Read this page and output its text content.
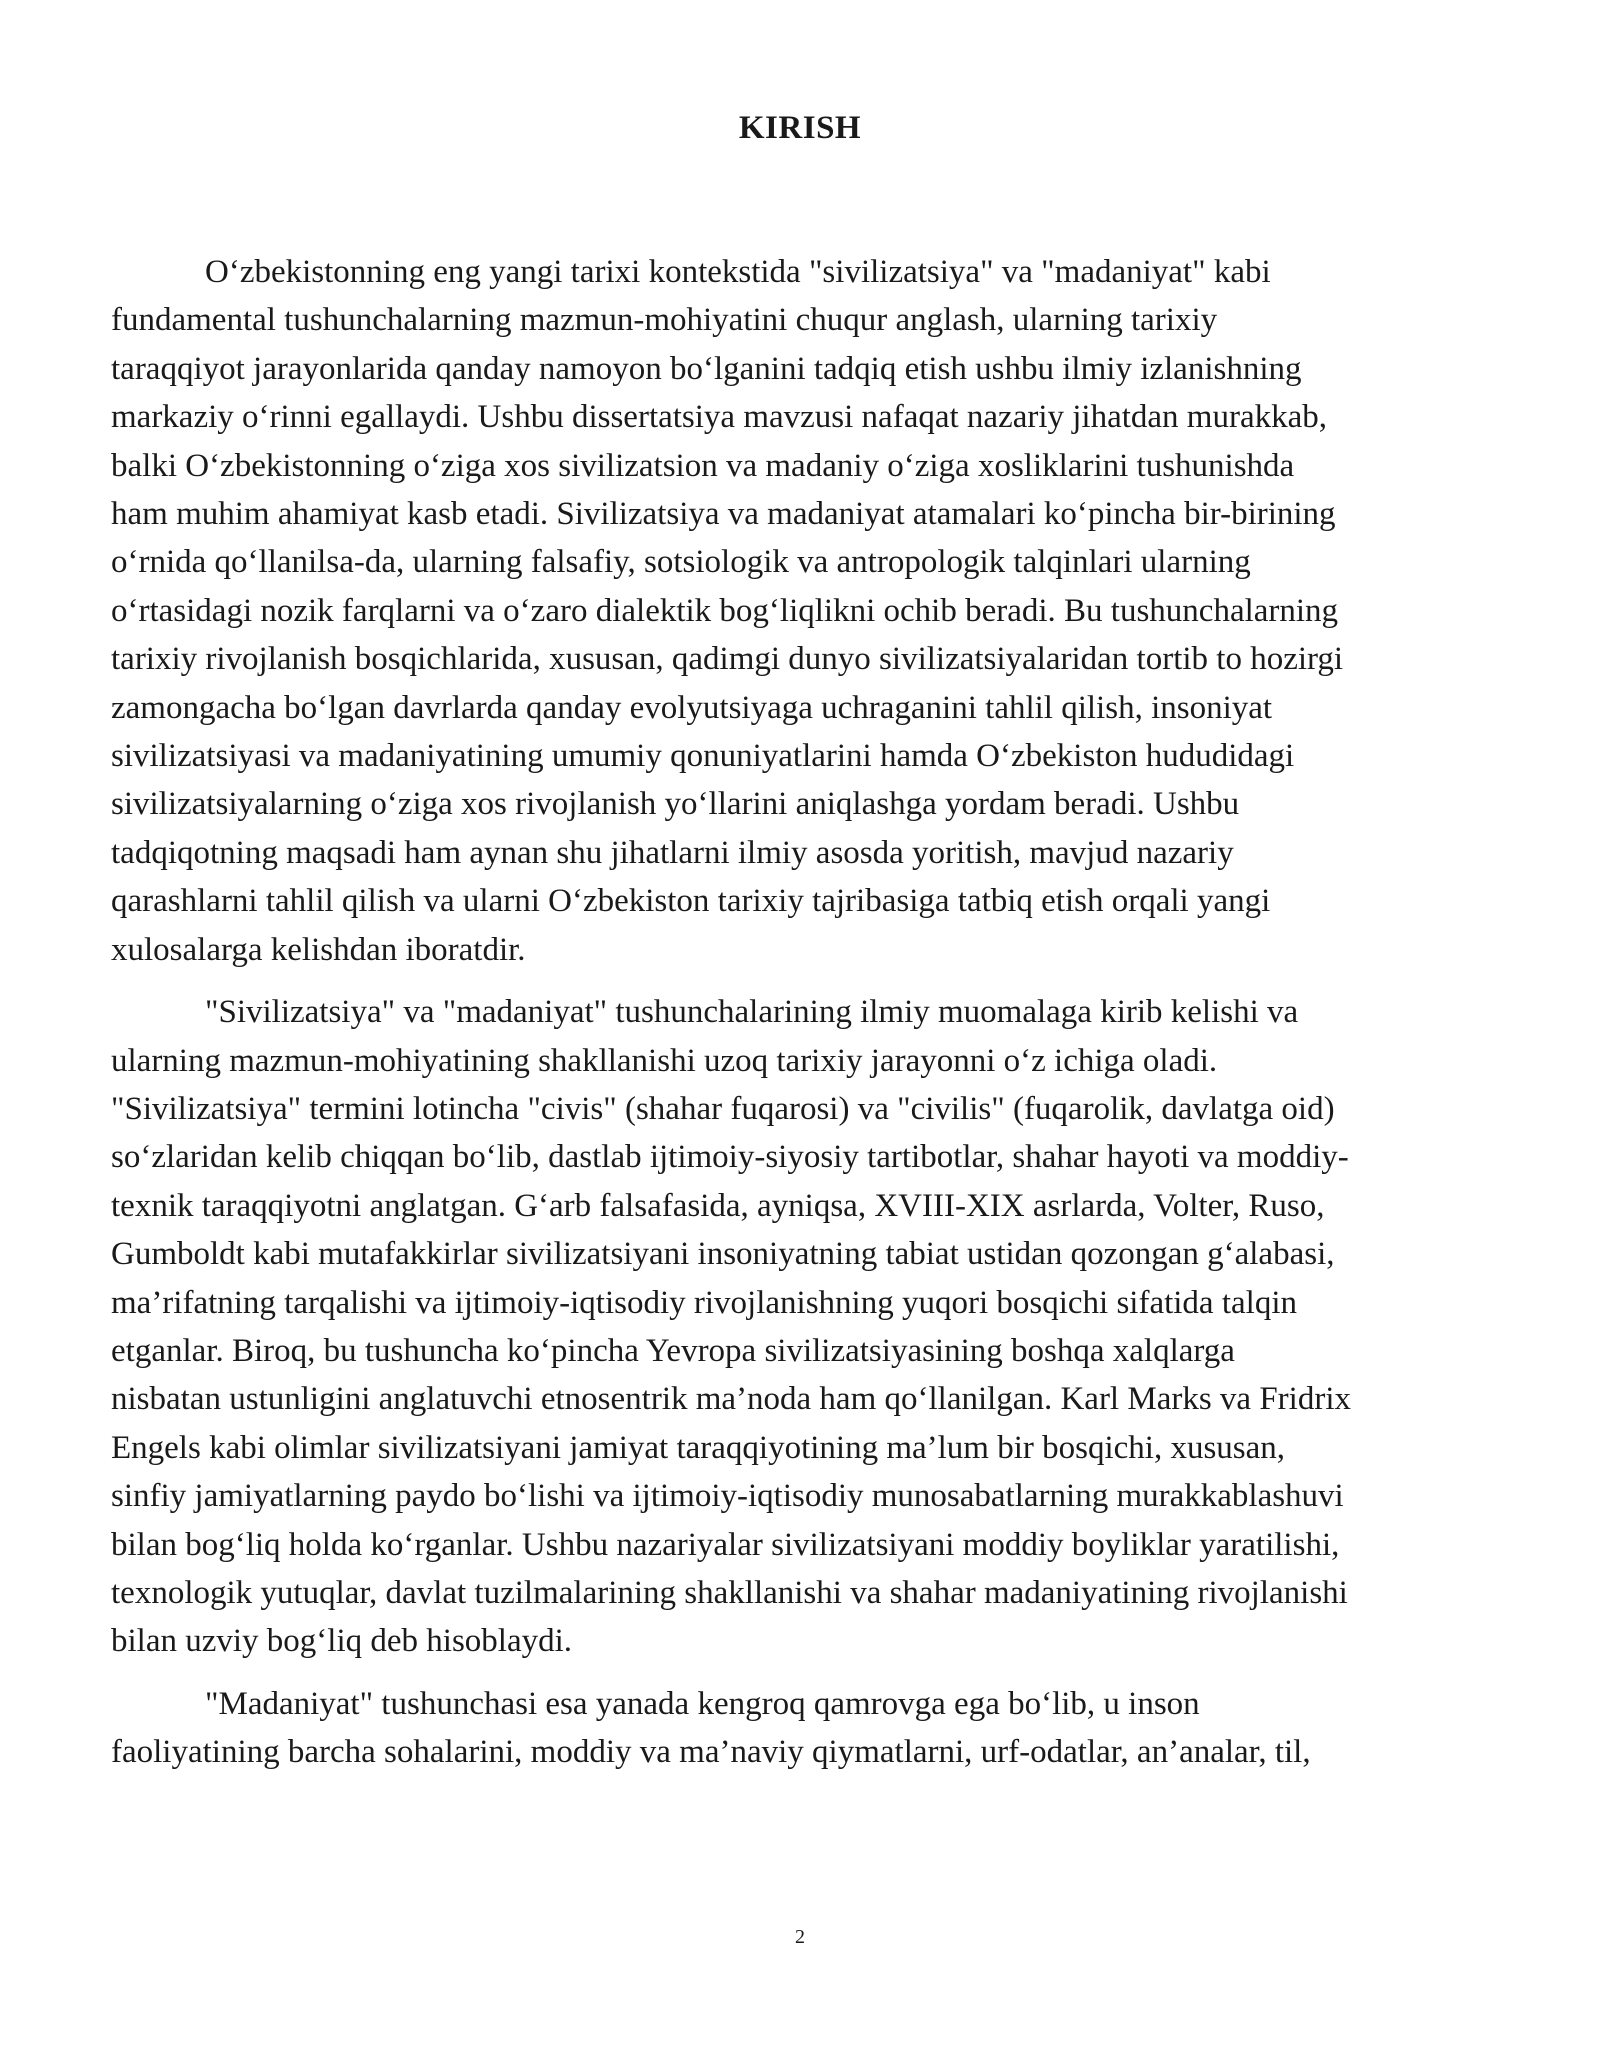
KIRISH

O‘zbekistonning eng yangi tarixi kontekstida "sivilizatsiya" va "madaniyat" kabi
fundamental tushunchalarning mazmun-mohiyatini chuqur anglash, ularning tarixiy
taraqqiyot jarayonlarida qanday namoyon bo‘lganini tadqiq etish ushbu ilmiy izlanishning
markaziy o‘rinni egallaydi. Ushbu dissertatsiya mavzusi nafaqat nazariy jihatdan murakkab,
balki O‘zbekistonning o‘ziga xos sivilizatsion va madaniy o‘ziga xosliklarini tushunishda
ham muhim ahamiyat kasb etadi. Sivilizatsiya va madaniyat atamalari ko‘pincha bir-birining
o‘rnida qo‘llanilsa-da, ularning falsafiy, sotsiologik va antropologik talqinlari ularning
o‘rtasidagi nozik farqlarni va o‘zaro dialektik bog‘liqlikni ochib beradi. Bu tushunchalarning
tarixiy rivojlanish bosqichlarida, xususan, qadimgi dunyo sivilizatsiyalaridan tortib to hozirgi
zamongacha bo‘lgan davrlarda qanday evolyutsiyaga uchraganini tahlil qilish, insoniyat
sivilizatsiyasi va madaniyatining umumiy qonuniyatlarini hamda O‘zbekiston hududidagi
sivilizatsiyalarning o‘ziga xos rivojlanish yo‘llarini aniqlashga yordam beradi. Ushbu
tadqiqotning maqsadi ham aynan shu jihatlarni ilmiy asosda yoritish, mavjud nazariy
qarashlarni tahlil qilish va ularni O‘zbekiston tarixiy tajribasiga tatbiq etish orqali yangi
xulosalarga kelishdan iboratdir.

"Sivilizatsiya" va "madaniyat" tushunchalarining ilmiy muomalaga kirib kelishi va
ularning mazmun-mohiyatining shakllanishi uzoq tarixiy jarayonni o‘z ichiga oladi.
"Sivilizatsiya" termini lotincha "civis" (shahar fuqarosi) va "civilis" (fuqarolik, davlatga oid)
so‘zlaridan kelib chiqqan bo‘lib, dastlab ijtimoiy-siyosiy tartibotlar, shahar hayoti va moddiy-
texnik taraqqiyotni anglatgan. G‘arb falsafasida, ayniqsa, XVIII-XIX asrlarda, Volter, Ruso,
Gumboldt kabi mutafakkirlar sivilizatsiyani insoniyatning tabiat ustidan qozongan g‘alabasi,
ma’rifatning tarqalishi va ijtimoiy-iqtisodiy rivojlanishning yuqori bosqichi sifatida talqin
etganlar. Biroq, bu tushuncha ko‘pincha Yevropa sivilizatsiyasining boshqa xalqlarga
nisbatan ustunligini anglatuvchi etnosentrik ma’noda ham qo‘llanilgan. Karl Marks va Fridrix
Engels kabi olimlar sivilizatsiyani jamiyat taraqqiyotining ma’lum bir bosqichi, xususan,
sinfiy jamiyatlarning paydo bo‘lishi va ijtimoiy-iqtisodiy munosabatlarning murakkablashuvi
bilan bog‘liq holda ko‘rganlar. Ushbu nazariyalar sivilizatsiyani moddiy boyliklar yaratilishi,
texnologik yutuqlar, davlat tuzilmalarining shakllanishi va shahar madaniyatining rivojlanishi
bilan uzviy bog‘liq deb hisoblaydi.

"Madaniyat" tushunchasi esa yanada kengroq qamrovga ega bo‘lib, u inson
faoliyatining barcha sohalarini, moddiy va ma’naviy qiymatlarni, urf-odatlar, an’analar, til,

2
